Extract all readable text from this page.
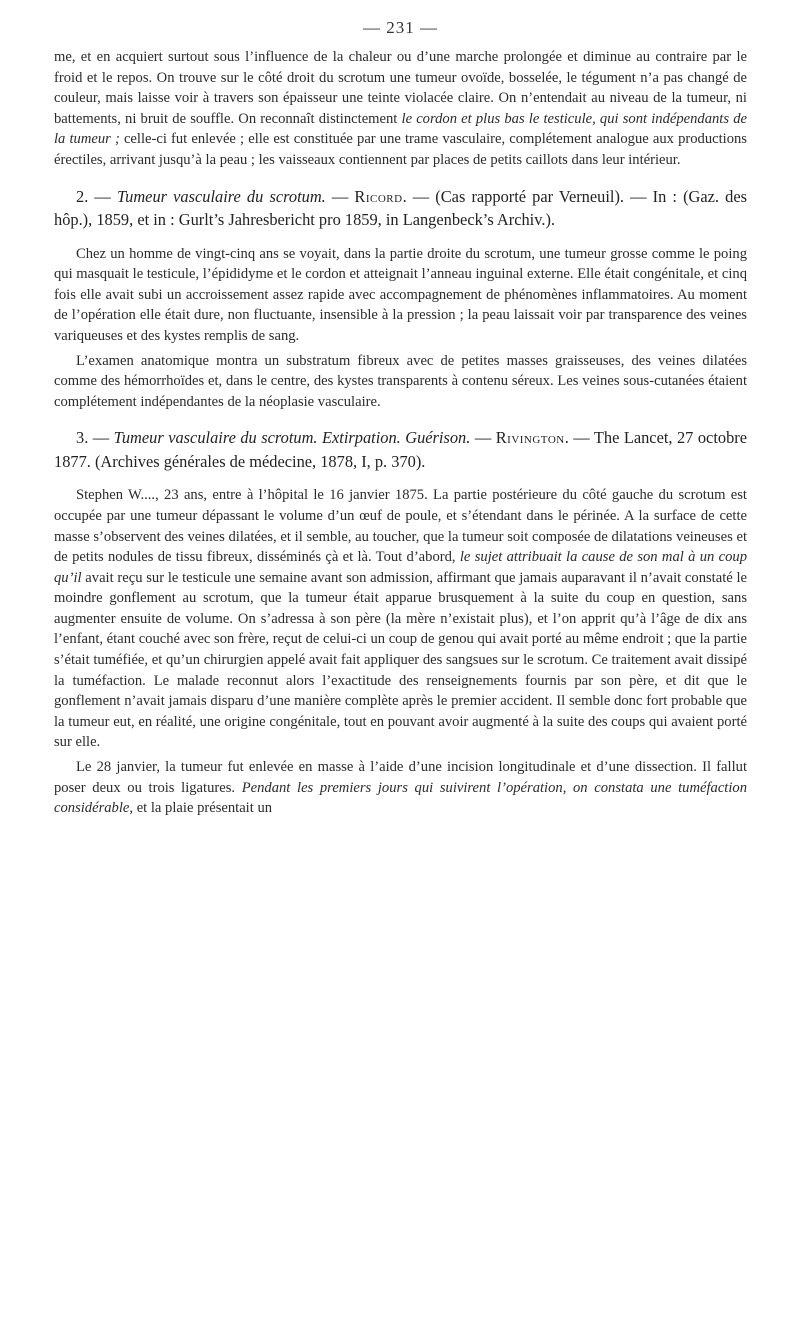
— 231 —

me, et en acquiert surtout sous l’influence de la chaleur ou d’une marche prolongée et diminue au contraire par le froid et le repos. On trouve sur le côté droit du scrotum une tumeur ovoïde, bosselée, le tégument n’a pas changé de couleur, mais laisse voir à travers son épaisseur une teinte violacée claire. On n’entendait au niveau de la tumeur, ni battements, ni bruit de souffle. On reconnaît distinctement le cordon et plus bas le testicule, qui sont indépendants de la tumeur ; celle-ci fut enlevée ; elle est constituée par une trame vasculaire, complétement analogue aux productions érectiles, arrivant jusqu’à la peau ; les vaisseaux contiennent par places de petits caillots dans leur intérieur.

2. — Tumeur vasculaire du scrotum. — Ricord. — (Cas rapporté par Verneuil). — In : (Gaz. des hôp.), 1859, et in : Gurlt’s Jahresbericht pro 1859, in Langenbeck’s Archiv.).

Chez un homme de vingt-cinq ans se voyait, dans la partie droite du scrotum, une tumeur grosse comme le poing qui masquait le testicule, l’épididyme et le cordon et atteignait l’anneau inguinal externe. Elle était congénitale, et cinq fois elle avait subi un accroissement assez rapide avec accompagnement de phénomènes inflammatoires. Au moment de l’opération elle était dure, non fluctuante, insensible à la pression ; la peau laissait voir par transparence des veines variqueuses et des kystes remplis de sang.

L’examen anatomique montra un substratum fibreux avec de petites masses graisseuses, des veines dilatées comme des hémorrhoïdes et, dans le centre, des kystes transparents à contenu séreux. Les veines sous-cutanées étaient complétement indépendantes de la néoplasie vasculaire.

3. — Tumeur vasculaire du scrotum. Extirpation. Guérison. — Rivington. — The Lancet, 27 octobre 1877. (Archives générales de médecine, 1878, I, p. 370).

Stephen W...., 23 ans, entre à l’hôpital le 16 janvier 1875. La partie postérieure du côté gauche du scrotum est occupée par une tumeur dépassant le volume d’un œuf de poule, et s’étendant dans le périnée. A la surface de cette masse s’observent des veines dilatées, et il semble, au toucher, que la tumeur soit composée de dilatations veineuses et de petits nodules de tissu fibreux, disséminés çà et là. Tout d’abord, le sujet attribuait la cause de son mal à un coup qu’il avait reçu sur le testicule une semaine avant son admission, affirmant que jamais auparavant il n’avait constaté le moindre gonflement au scrotum, que la tumeur était apparue brusquement à la suite du coup en question, sans augmenter ensuite de volume. On s’adressa à son père (la mère n’existait plus), et l’on apprit qu’à l’âge de dix ans l’enfant, étant couché avec son frère, reçut de celui-ci un coup de genou qui avait porté au même endroit ; que la partie s’était tuméfiée, et qu’un chirurgien appelé avait fait appliquer des sangsues sur le scrotum. Ce traitement avait dissipé la tuméfaction. Le malade reconnut alors l’exactitude des renseignements fournis par son père, et dit que le gonflement n’avait jamais disparu d’une manière complète après le premier accident. Il semble donc fort probable que la tumeur eut, en réalité, une origine congénitale, tout en pouvant avoir augmenté à la suite des coups qui avaient porté sur elle.

Le 28 janvier, la tumeur fut enlevée en masse à l’aide d’une incision longitudinale et d’une dissection. Il fallut poser deux ou trois ligatures. Pendant les premiers jours qui suivirent l’opération, on constata une tuméfaction considérable, et la plaie présentait un
